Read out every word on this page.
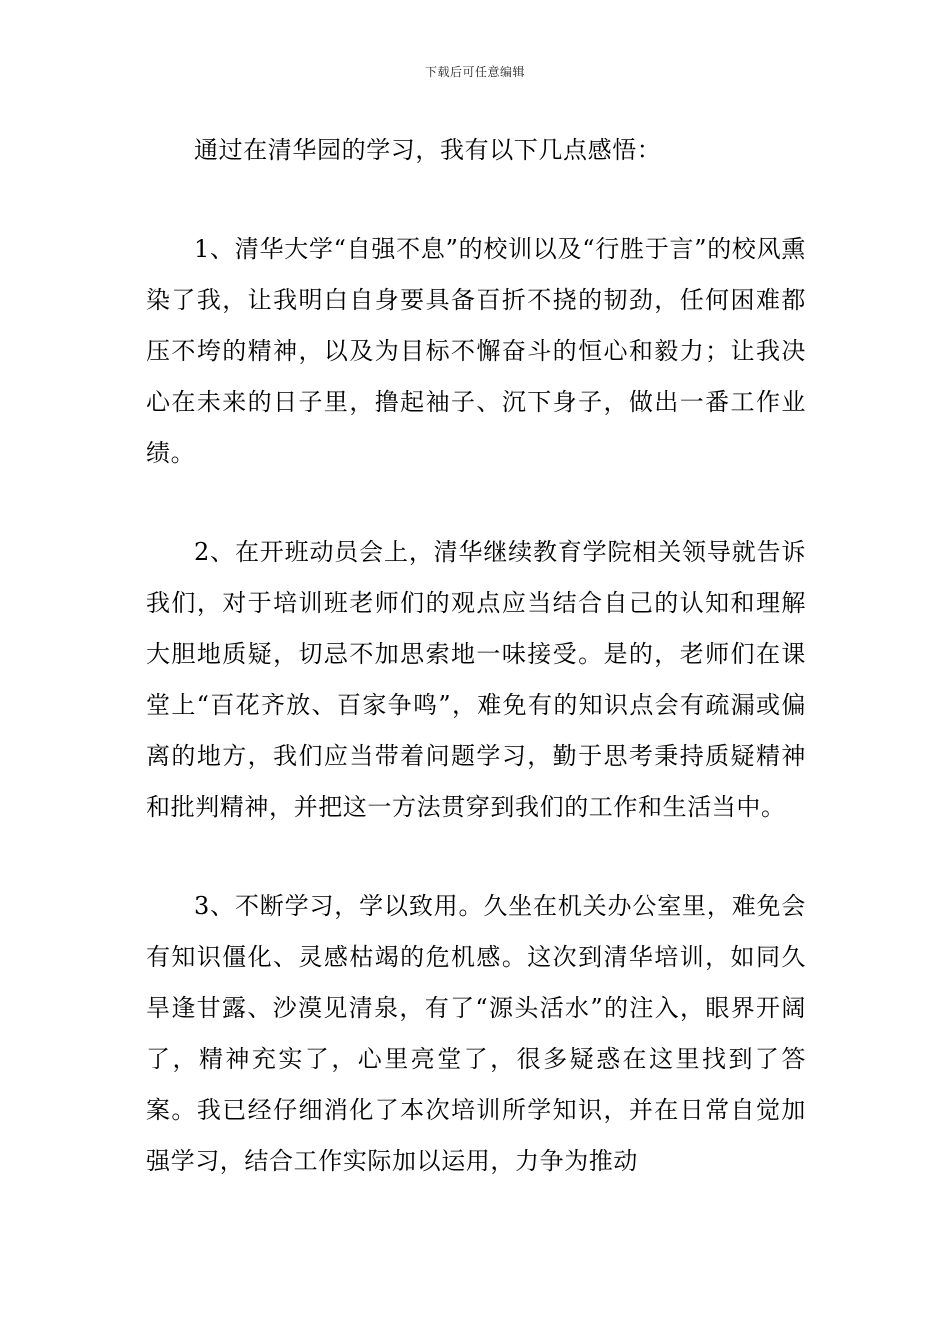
下载后可任意编辑

通过在清华园的学习，我有以下几点感悟：

1、清华大学“自强不息”的校训以及“行胜于言”的校风熏染了我，让我明白自身要具备百折不挠的韧劲，任何困难都压不垮的精神，以及为目标不懈奋斗的恒心和毅力；让我决心在未来的日子里，撸起袖子、沉下身子，做出一番工作业绩。

2、在开班动员会上，清华继续教育学院相关领导就告诉我们，对于培训班老师们的观点应当结合自己的认知和理解大胆地质疑，切忌不加思索地一味接受。是的，老师们在课堂上“百花齐放、百家争鸣”，难免有的知识点会有疏漏或偏离的地方，我们应当带着问题学习，勤于思考秉持质疑精神和批判精神，并把这一方法贯穿到我们的工作和生活当中。

3、不断学习，学以致用。久坐在机关办公室里，难免会有知识僵化、灵感枯竭的危机感。这次到清华培训，如同久旱逢甘露、沙漠见清泉，有了“源头活水”的注入，眼界开阔了，精神充实了，心里亮堂了，很多疑惑在这里找到了答案。我已经仔细消化了本次培训所学知识，并在日常自觉加强学习，结合工作实际加以运用，力争为推动
